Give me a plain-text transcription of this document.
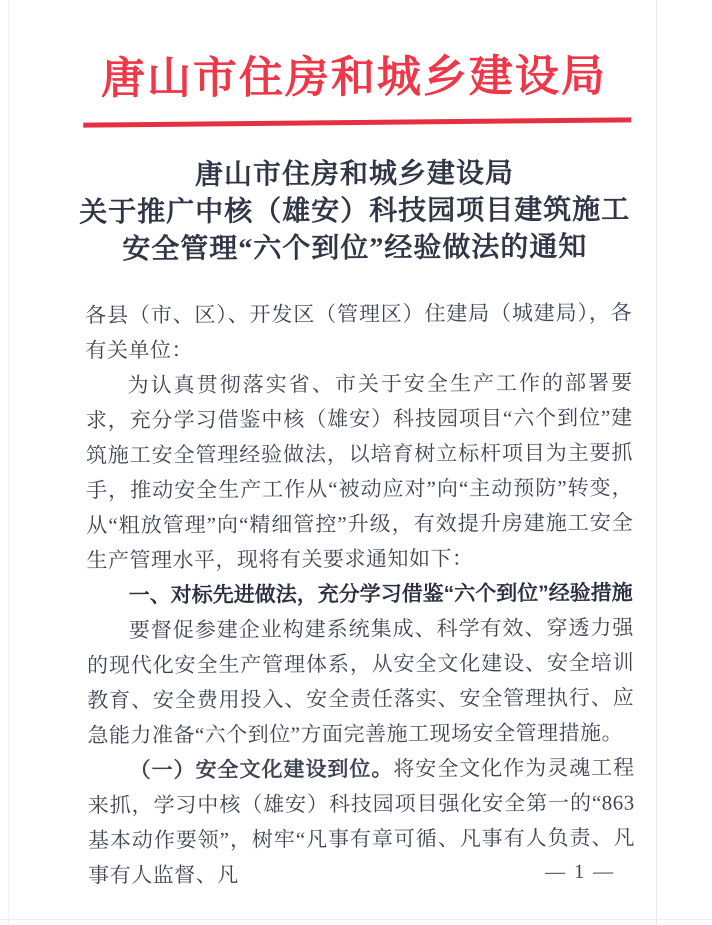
唐山市住房和城乡建设局
唐山市住房和城乡建设局
关于推广中核（雄安）科技园项目建筑施工
安全管理“六个到位”经验做法的通知

各县（市、区）、开发区（管理区）住建局（城建局），各有关单位：

为认真贯彻落实省、市关于安全生产工作的部署要求，充分学习借鉴中核（雄安）科技园项目“六个到位”建筑施工安全管理经验做法，以培育树立标杆项目为主要抓手，推动安全生产工作从“被动应对”向“主动预防”转变，从“粗放管理”向“精细管控”升级，有效提升房建施工安全生产管理水平，现将有关要求通知如下：

一、对标先进做法，充分学习借鉴“六个到位”经验措施

要督促参建企业构建系统集成、科学有效、穿透力强的现代化安全生产管理体系，从安全文化建设、安全培训教育、安全费用投入、安全责任落实、安全管理执行、应急能力准备“六个到位”方面完善施工现场安全管理措施。

（一）安全文化建设到位。将安全文化作为灵魂工程来抓，学习中核（雄安）科技园项目强化安全第一的“863基本动作要领”，树牢“凡事有章可循、凡事有人负责、凡事有人监督、凡	— 1 —
